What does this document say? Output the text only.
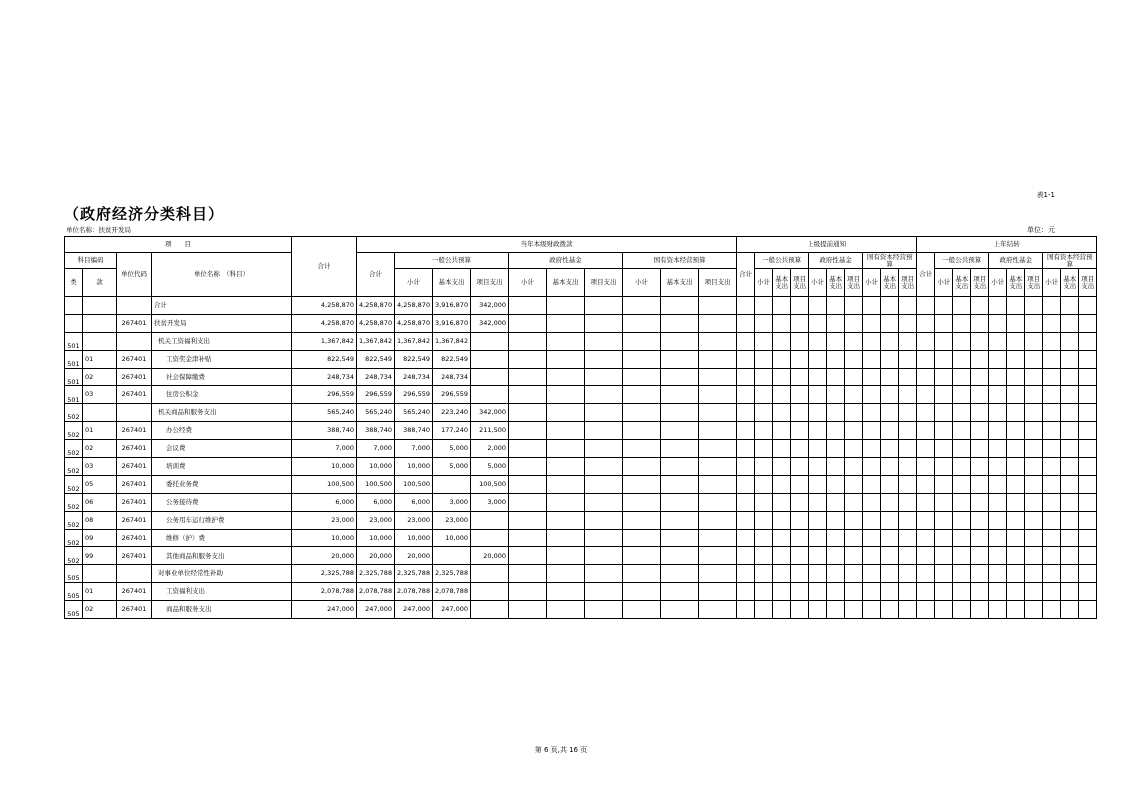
表1-1
（政府经济分类科目）
单位名称：扶贫开发局	单位：元
项　　目				合计	当年本级财政拨款										上级提前通知										上年结转									
科目编码		单位代码	单位名称　（科目）		合计	一般公共预算			政府性基金			国有资本经营预算			合计	一般公共预算			政府性基金			国有资本经营预算			合计	一般公共预算			政府性基金			国有资本经营预算		
类	款					小计	基本支出	项目支出	小计	基本支出	项目支出	小计	基本支出	项目支出		小计	基本支出	项目支出	小计	基本支出	项目支出	小计	基本支出	项目支出		小计	基本支出	项目支出	小计	基本支出	项目支出	小计	基本支出	项目支出
			合计	4,258,870	4,258,870	4,258,870	3,916,870	342,000																										
		267401	扶贫开发局	4,258,870	4,258,870	4,258,870	3,916,870	342,000																										
501			机关工资福利支出	1,367,842	1,367,842	1,367,842	1,367,842																											
501	01	267401	工资奖金津补贴	822,549	822,549	822,549	822,549																											
501	02	267401	社会保障缴费	248,734	248,734	248,734	248,734																											
501	03	267401	住房公积金	296,559	296,559	296,559	296,559																											
502			机关商品和服务支出	565,240	565,240	565,240	223,240	342,000																										
502	01	267401	办公经费	388,740	388,740	388,740	177,240	211,500																										
502	02	267401	会议费	7,000	7,000	7,000	5,000	2,000																										
502	03	267401	培训费	10,000	10,000	10,000	5,000	5,000																										
502	05	267401	委托业务费	100,500	100,500	100,500		100,500																										
502	06	267401	公务接待费	6,000	6,000	6,000	3,000	3,000																										
502	08	267401	公务用车运行维护费	23,000	23,000	23,000	23,000																											
502	09	267401	维修（护）费	10,000	10,000	10,000	10,000																											
502	99	267401	其他商品和服务支出	20,000	20,000	20,000		20,000																										
505			对事业单位经常性补助	2,325,788	2,325,788	2,325,788	2,325,788																											
505	01	267401	工资福利支出	2,078,788	2,078,788	2,078,788	2,078,788																											
505	02	267401	商品和服务支出	247,000	247,000	247,000	247,000																											
第 6 页,共 16 页
